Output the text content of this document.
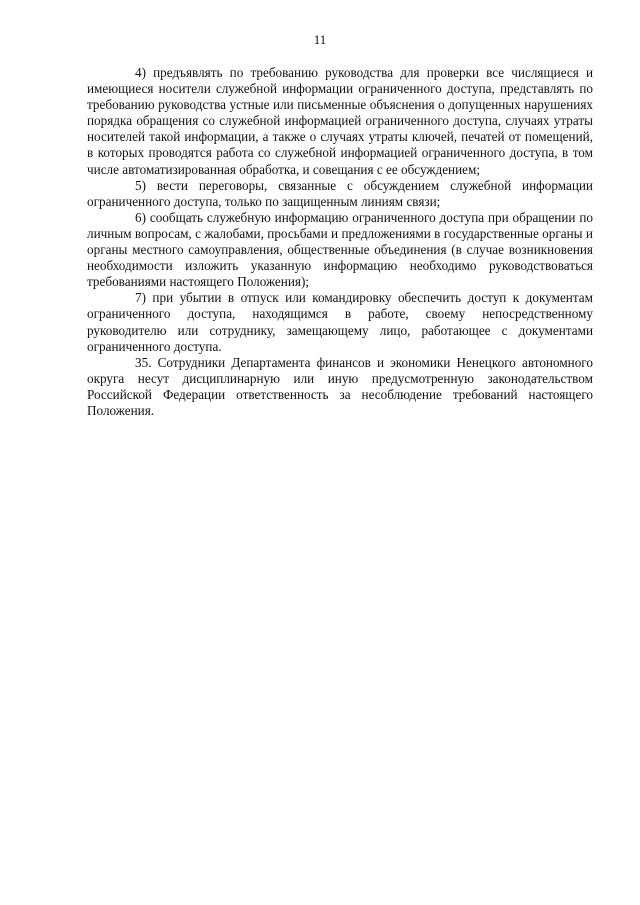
11

4) предъявлять по требованию руководства для проверки все числящиеся и имеющиеся носители служебной информации ограниченного доступа, представлять по требованию руководства устные или письменные объяснения о допущенных нарушениях порядка обращения со служебной информацией ограниченного доступа, случаях утраты носителей такой информации, а также о случаях утраты ключей, печатей от помещений, в которых проводятся работа со служебной информацией ограниченного доступа, в том числе автоматизированная обработка, и совещания с ее обсуждением;

5) вести переговоры, связанные с обсуждением служебной информации ограниченного доступа, только по защищенным линиям связи;

6) сообщать служебную информацию ограниченного доступа при обращении по личным вопросам, с жалобами, просьбами и предложениями в государственные органы и органы местного самоуправления, общественные объединения (в случае возникновения необходимости изложить указанную информацию необходимо руководствоваться требованиями настоящего Положения);

7) при убытии в отпуск или командировку обеспечить доступ к документам ограниченного доступа, находящимся в работе, своему непосредственному руководителю или сотруднику, замещающему лицо, работающее с документами ограниченного доступа.

35. Сотрудники Департамента финансов и экономики Ненецкого автономного округа несут дисциплинарную или иную предусмотренную законодательством Российской Федерации ответственность за несоблюдение требований настоящего Положения.
